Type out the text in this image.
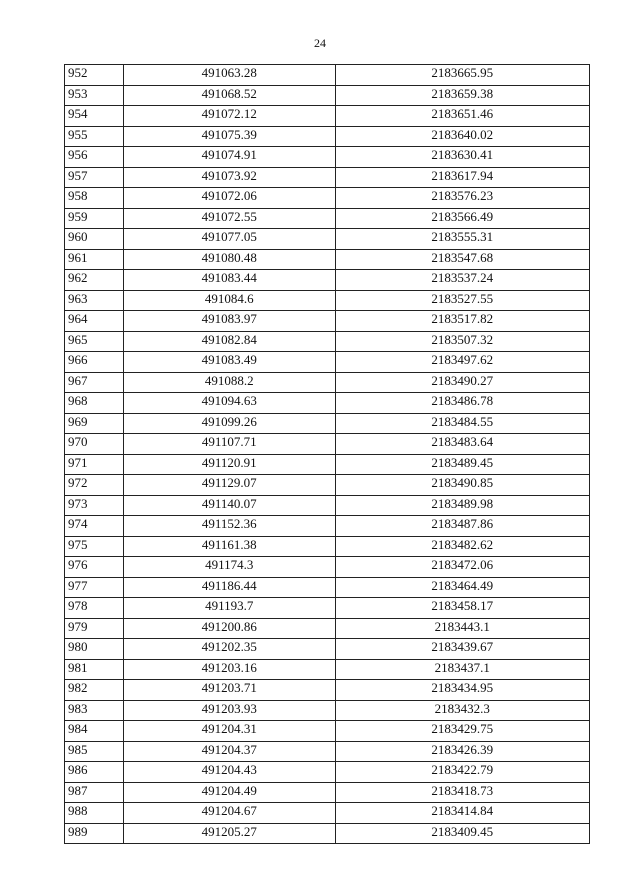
24
952	491063.28	2183665.95
953	491068.52	2183659.38
954	491072.12	2183651.46
955	491075.39	2183640.02
956	491074.91	2183630.41
957	491073.92	2183617.94
958	491072.06	2183576.23
959	491072.55	2183566.49
960	491077.05	2183555.31
961	491080.48	2183547.68
962	491083.44	2183537.24
963	491084.6	2183527.55
964	491083.97	2183517.82
965	491082.84	2183507.32
966	491083.49	2183497.62
967	491088.2	2183490.27
968	491094.63	2183486.78
969	491099.26	2183484.55
970	491107.71	2183483.64
971	491120.91	2183489.45
972	491129.07	2183490.85
973	491140.07	2183489.98
974	491152.36	2183487.86
975	491161.38	2183482.62
976	491174.3	2183472.06
977	491186.44	2183464.49
978	491193.7	2183458.17
979	491200.86	2183443.1
980	491202.35	2183439.67
981	491203.16	2183437.1
982	491203.71	2183434.95
983	491203.93	2183432.3
984	491204.31	2183429.75
985	491204.37	2183426.39
986	491204.43	2183422.79
987	491204.49	2183418.73
988	491204.67	2183414.84
989	491205.27	2183409.45
